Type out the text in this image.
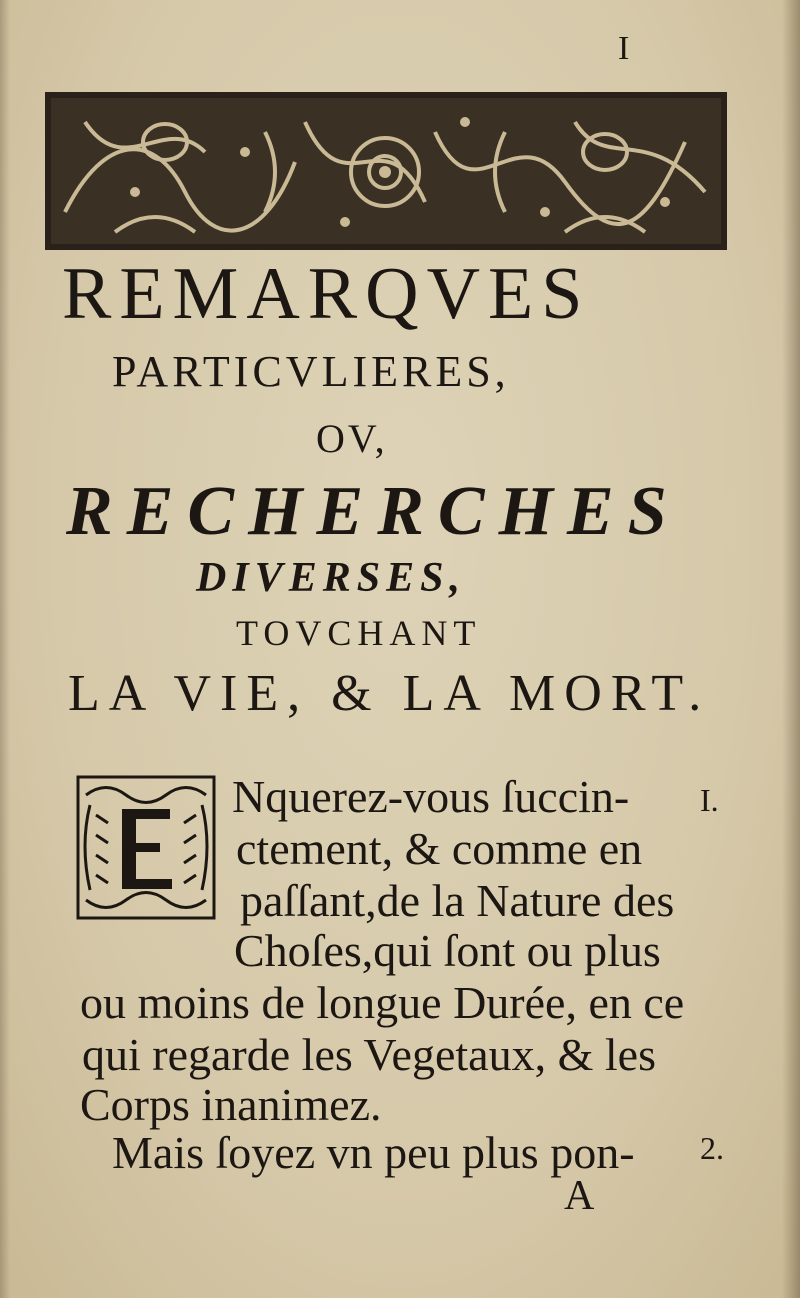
I
REMARQVES
PARTICVLIERES,
OV,
RECHERCHES
DIVERSES,
TOVCHANT
LA VIE, & LA MORT.
Nquerez-vous ſuccin-
ctement, & comme en
paſſant,de la Nature des
Choſes,qui ſont ou plus
ou moins de longue Durée, en ce
qui regarde les Vegetaux, & les
Corps inanimez.
Mais ſoyez vn peu plus pon-
I.
2.
A
